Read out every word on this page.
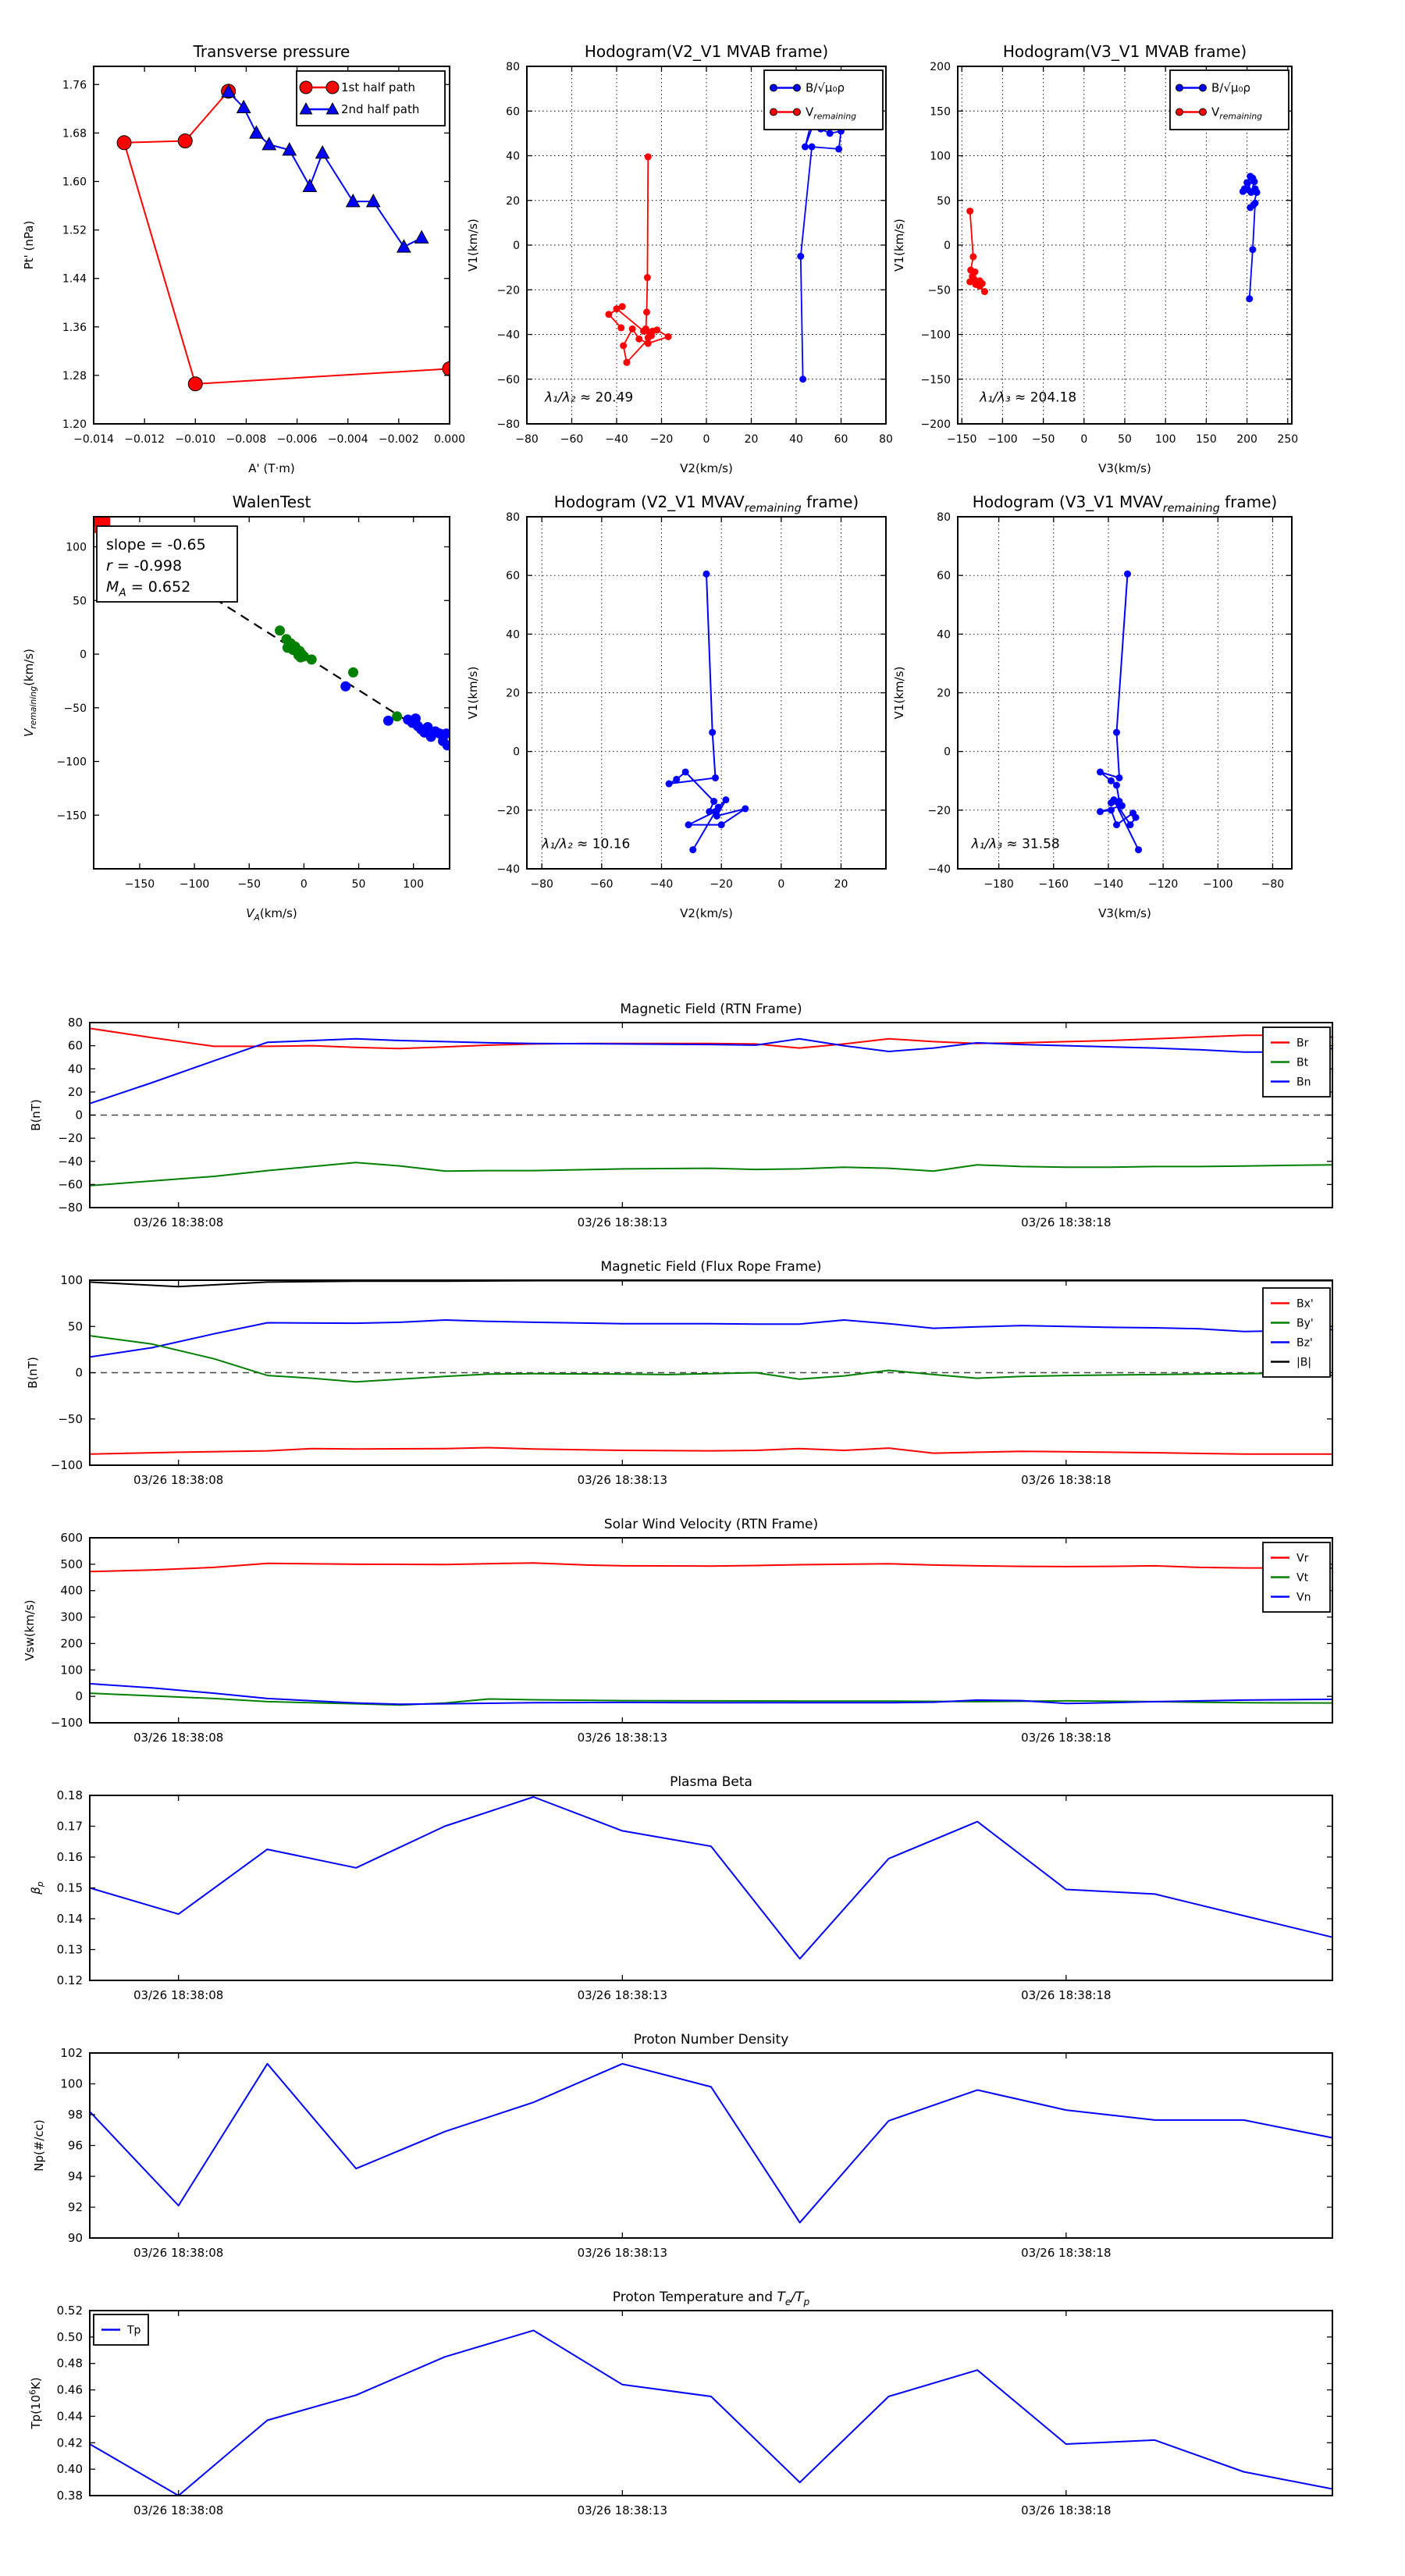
−0.014 −0.012 −0.010 −0.008 −0.006 −0.004 −0.002 0.000
1.20
1.28
1.36
1.44
1.52
1.60
1.68
1.76
Transverse pressure
A' (T·m)
Pt' (nPa)
1st half path
2nd half path
−80 −60 −40 −20	0	20	40	60	80
−80
−60
−40
−20
0
20
40
60
80
Hodogram(V2_V1 MVAB frame)
V2(km/s)
V1(km/s)
λ₁/λ₂ ≈ 20.49
B/√μ₀ρ
$V_{remaining}$
−150 −100 −50 0	50 100 150 200 250
−200
−150
−100
−50
0
50
100
150
200
Hodogram(V3_V1 MVAB frame)
V3(km/s)
V1(km/s)
λ₁/λ₃ ≈ 204.18
B/√μ₀ρ
$V_{remaining}$
−150 −100	−50	0	50	100
−150
−100
−50
0
50
100
WalenTest
$V_A(km/s)$
$V_{remaining}(km/s)$
slope = -0.65
r = -0.998
$M_A = 0.652$
−80	−60	−40	−20	0	20
−40
−20
0
20
40
60
80
Hodogram (V2_V1 $MVAV_{remaining}$ frame)
V2(km/s)
V1(km/s)
λ₁/λ₂ ≈ 10.16
−180 −160 −140 −120 −100	−80
−40
−20
0
20
40
60
80
Hodogram (V3_V1 $MVAV_{remaining}$ frame)
V3(km/s)
V1(km/s)
λ₁/λ₃ ≈ 31.58
03/26 18:38:08	03/26 18:38:13	03/26 18:38:18
−80
−60
−40
−20
0
20
40
60
80
Magnetic Field (RTN Frame)
B(nT)
Br
Bt
Bn
03/26 18:38:08	03/26 18:38:13	03/26 18:38:18
−100
−50
0
50
100
Magnetic Field (Flux Rope Frame)
B(nT)
Bx'
By'
Bz'
|B|
03/26 18:38:08	03/26 18:38:13	03/26 18:38:18
−100
0
100
200
300
400
500
600
Solar Wind Velocity (RTN Frame)
Vsw(km/s)
Vr
Vt
Vn
03/26 18:38:08	03/26 18:38:13	03/26 18:38:18
0.12
0.13
0.14
0.15
0.16
0.17
0.18
Plasma Beta
$\beta_p$
03/26 18:38:08	03/26 18:38:13	03/26 18:38:18
90
92
94
96
98
100
102
Proton Number Density
Np(#/cc)
03/26 18:38:08	03/26 18:38:13	03/26 18:38:18
0.38
0.40
0.42
0.44
0.46
0.48
0.50
0.52
Proton Temperature and $T_e/T_p$
$Tp(10^6K)$
Tp
